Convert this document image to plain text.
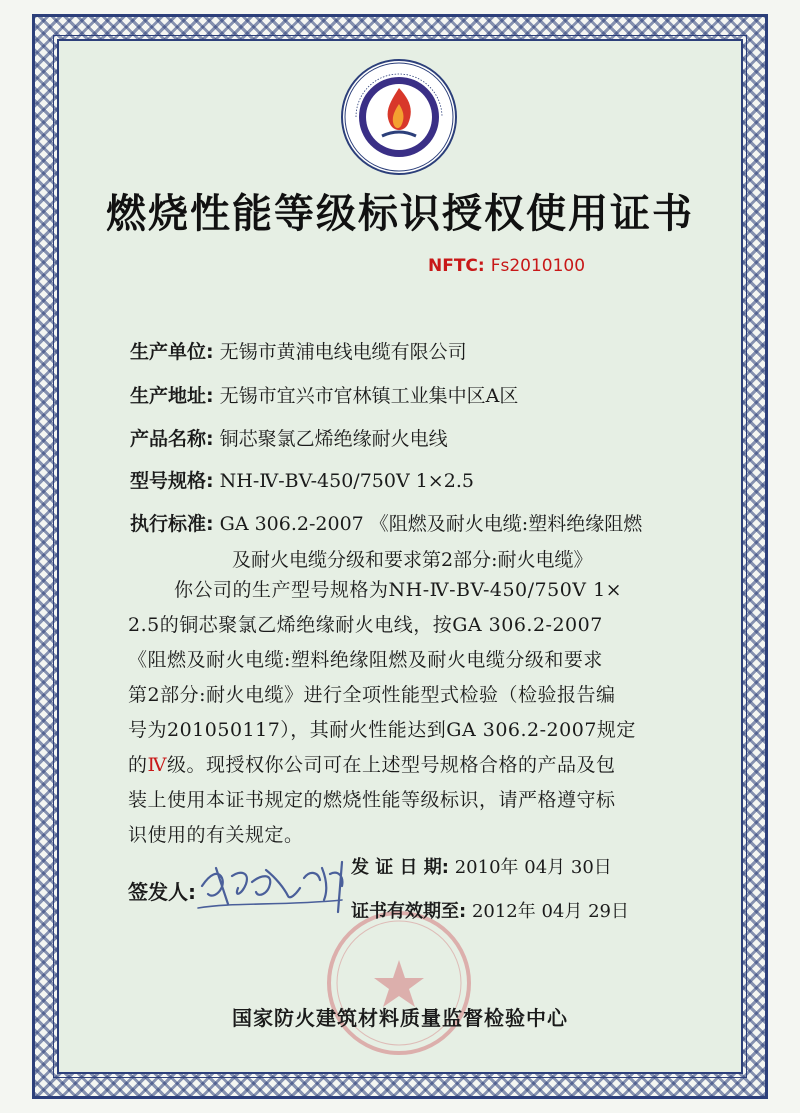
燃烧性能等级标识授权使用证书
NFTC: Fs2010100
生产单位: 无锡市黄浦电线电缆有限公司
生产地址: 无锡市宜兴市官林镇工业集中区A区
产品名称: 铜芯聚氯乙烯绝缘耐火电线
型号规格: NH-Ⅳ-BV-450/750V 1×2.5
执行标准: GA 306.2-2007 《阻燃及耐火电缆:塑料绝缘阻燃
及耐火电缆分级和要求第2部分:耐火电缆》
你公司的生产型号规格为NH-Ⅳ-BV-450/750V 1×
2.5的铜芯聚氯乙烯绝缘耐火电线，按GA 306.2-2007
《阻燃及耐火电缆:塑料绝缘阻燃及耐火电缆分级和要求
第2部分:耐火电缆》进行全项性能型式检验（检验报告编
号为201050117），其耐火性能达到GA 306.2-2007规定
的Ⅳ级。现授权你公司可在上述型号规格合格的产品及包
装上使用本证书规定的燃烧性能等级标识，请严格遵守标
识使用的有关规定。
签发人:
发 证 日 期: 2010年 04月 30日
证书有效期至: 2012年 04月 29日
国家防火建筑材料质量监督检验中心
